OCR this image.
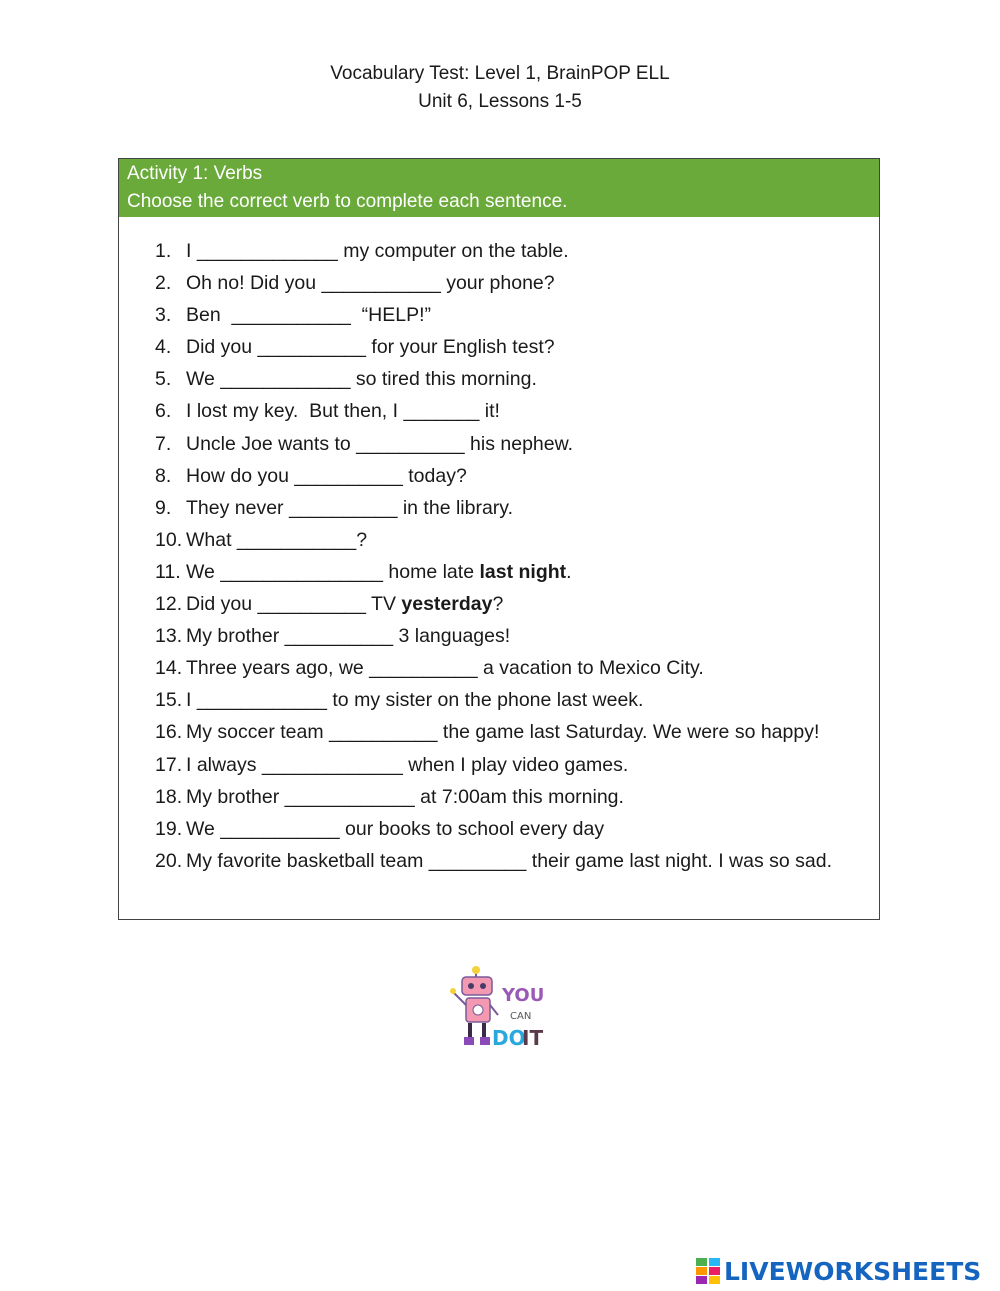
Vocabulary Test: Level 1, BrainPOP ELL
Unit 6, Lessons 1-5
Activity 1: Verbs
Choose the correct verb to complete each sentence.
1. I _____________ my computer on the table.
2. Oh no! Did you ___________ your phone?
3. Ben  ___________  “HELP!”
4. Did you __________ for your English test?
5. We ____________ so tired this morning.
6. I lost my key.  But then, I _______ it!
7. Uncle Joe wants to __________ his nephew.
8. How do you __________ today?
9. They never __________ in the library.
10. What ___________?
11. We _______________ home late last night.
12. Did you __________ TV yesterday?
13. My brother __________ 3 languages!
14. Three years ago, we __________ a vacation to Mexico City.
15. I ____________ to my sister on the phone last week.
16. My soccer team __________ the game last Saturday. We were so happy!
17. I always _____________ when I play video games.
18. My brother ____________ at 7:00am this morning.
19. We ___________ our books to school every day
20. My favorite basketball team _________ their game last night. I was so sad.
YOU
CAN
DO
IT
LIVEWORKSHEETS
